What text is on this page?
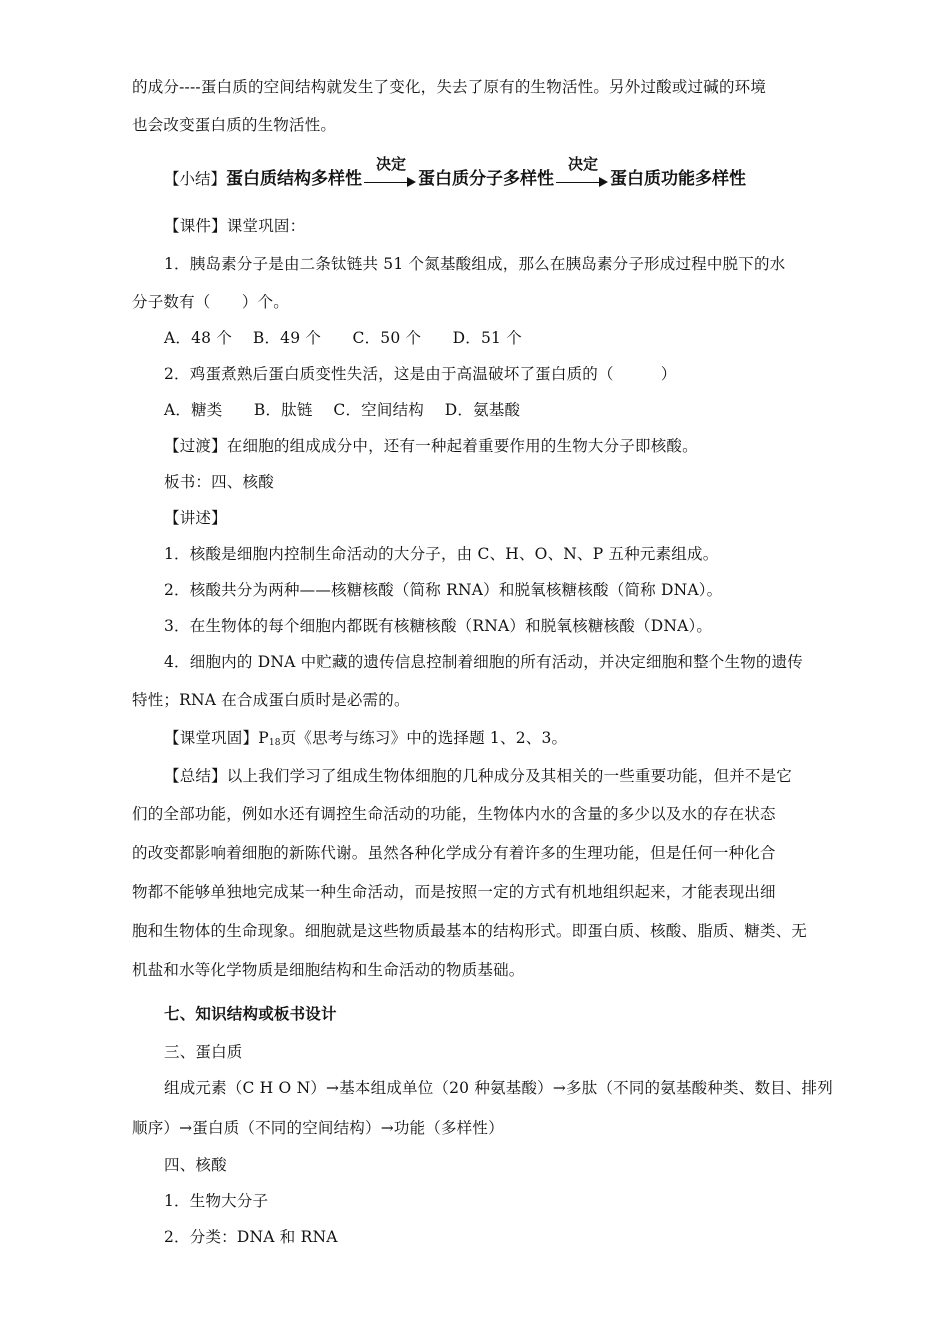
的成分----蛋白质的空间结构就发生了变化，失去了原有的生物活性。另外过酸或过碱的环境
也会改变蛋白质的生物活性。
【小结】 蛋白质结构多样性
决定
蛋白质分子多样性
决定
蛋白质功能多样性
【课件】课堂巩固：
1．胰岛素分子是由二条钛链共 51 个氮基酸组成，那么在胰岛素分子形成过程中脱下的水
分子数有（　　）个。
A．48 个　 B．49 个　　C．50 个　　D．51 个
2．鸡蛋煮熟后蛋白质变性失活，这是由于高温破坏了蛋白质的（　　　）
A．糖类　　B．肽链　 C．空间结构　 D．氨基酸
【过渡】在细胞的组成成分中，还有一种起着重要作用的生物大分子即核酸。
板书：四、核酸
【讲述】
1．核酸是细胞内控制生命活动的大分子，由 C、H、O、N、P 五种元素组成。
2．核酸共分为两种——核糖核酸（简称 RNA）和脱氧核糖核酸（简称 DNA）。
3．在生物体的每个细胞内都既有核糖核酸（RNA）和脱氧核糖核酸（DNA）。
4．细胞内的 DNA 中贮藏的遗传信息控制着细胞的所有活动，并决定细胞和整个生物的遗传
特性；RNA 在合成蛋白质时是必需的。
【课堂巩固】$P_{18}$页《思考与练习》中的选择题 1、2、3。
【总结】以上我们学习了组成生物体细胞的几种成分及其相关的一些重要功能，但并不是它
们的全部功能，例如水还有调控生命活动的功能，生物体内水的含量的多少以及水的存在状态
的改变都影响着细胞的新陈代谢。虽然各种化学成分有着许多的生理功能，但是任何一种化合
物都不能够单独地完成某一种生命活动，而是按照一定的方式有机地组织起来，才能表现出细
胞和生物体的生命现象。细胞就是这些物质最基本的结构形式。即蛋白质、核酸、脂质、糖类、无
机盐和水等化学物质是细胞结构和生命活动的物质基础。
七、知识结构或板书设计
三、蛋白质
组成元素（C H O N）→基本组成单位（20 种氨基酸）→多肽（不同的氨基酸种类、数目、排列
顺序）→蛋白质（不同的空间结构）→功能（多样性）
四、核酸
1．生物大分子
2．分类：DNA 和 RNA
